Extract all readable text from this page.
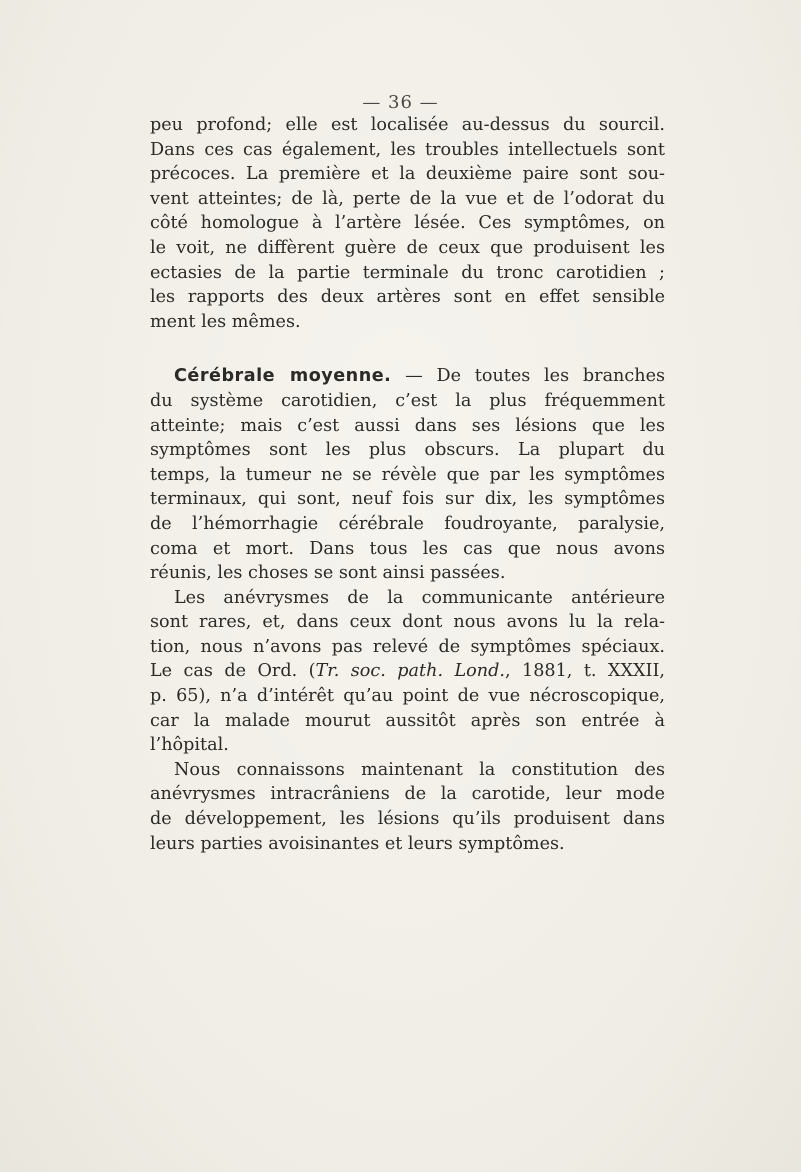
— 36 —
peu profond; elle est localisée au-dessus du sourcil.
Dans ces cas également, les troubles intellectuels sont
précoces. La première et la deuxième paire sont sou-
vent atteintes; de là, perte de la vue et de l’odorat du
côté homologue à l’artère lésée. Ces symptômes, on
le voit, ne diffèrent guère de ceux que produisent les
ectasies de la partie terminale du tronc carotidien ;
les rapports des deux artères sont en effet sensible
ment les mêmes.
Cérébrale moyenne. — De toutes les branches
du système carotidien, c’est la plus fréquemment
atteinte; mais c’est aussi dans ses lésions que les
symptômes sont les plus obscurs. La plupart du
temps, la tumeur ne se révèle que par les symptômes
terminaux, qui sont, neuf fois sur dix, les symptômes
de l’hémorrhagie cérébrale foudroyante, paralysie,
coma et mort. Dans tous les cas que nous avons
réunis, les choses se sont ainsi passées.
Les anévrysmes de la communicante antérieure
sont rares, et, dans ceux dont nous avons lu la rela-
tion, nous n’avons pas relevé de symptômes spéciaux.
Le cas de Ord. (Tr. soc. path. Lond., 1881, t. XXXII,
p. 65), n’a d’intérêt qu’au point de vue nécroscopique,
car la malade mourut aussitôt après son entrée à
l’hôpital.
Nous connaissons maintenant la constitution des
anévrysmes intracrâniens de la carotide, leur mode
de développement, les lésions qu’ils produisent dans
leurs parties avoisinantes et leurs symptômes.
